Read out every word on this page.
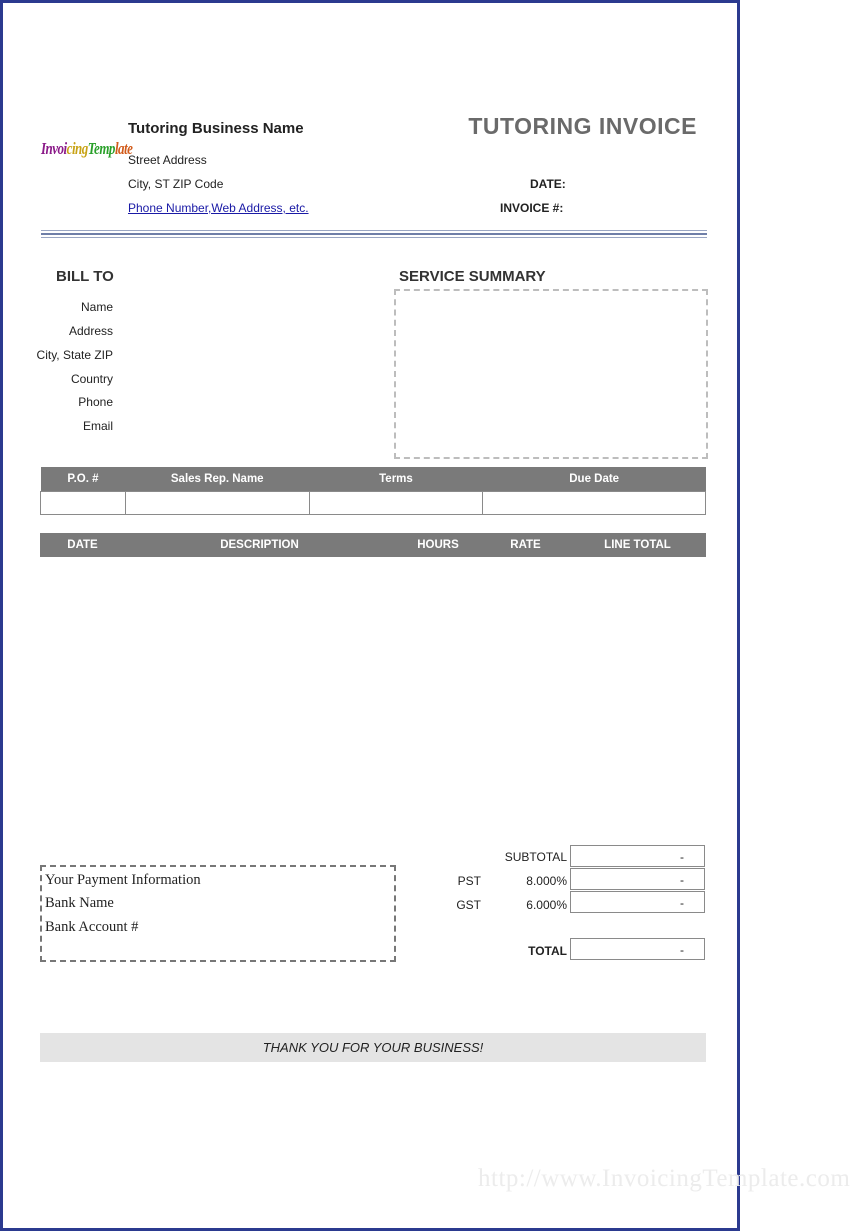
InvoicingTemplate
Tutoring Business Name
Street Address
City, ST ZIP Code
Phone Number,Web Address, etc.
TUTORING INVOICE
DATE:
INVOICE #:
BILL TO
Name
Address
City, State ZIP
Country
Phone
Email
SERVICE SUMMARY
P.O. #	Sales Rep. Name	Terms	Due Date

DATE	DESCRIPTION	HOURS	RATE	LINE TOTAL

Your Payment Information
Bank Name
Bank Account #
SUBTOTAL	-
PST	8.000%	-
GST	6.000%	-
TOTAL	-
THANK YOU FOR YOUR BUSINESS!
http://www.InvoicingTemplate.com
